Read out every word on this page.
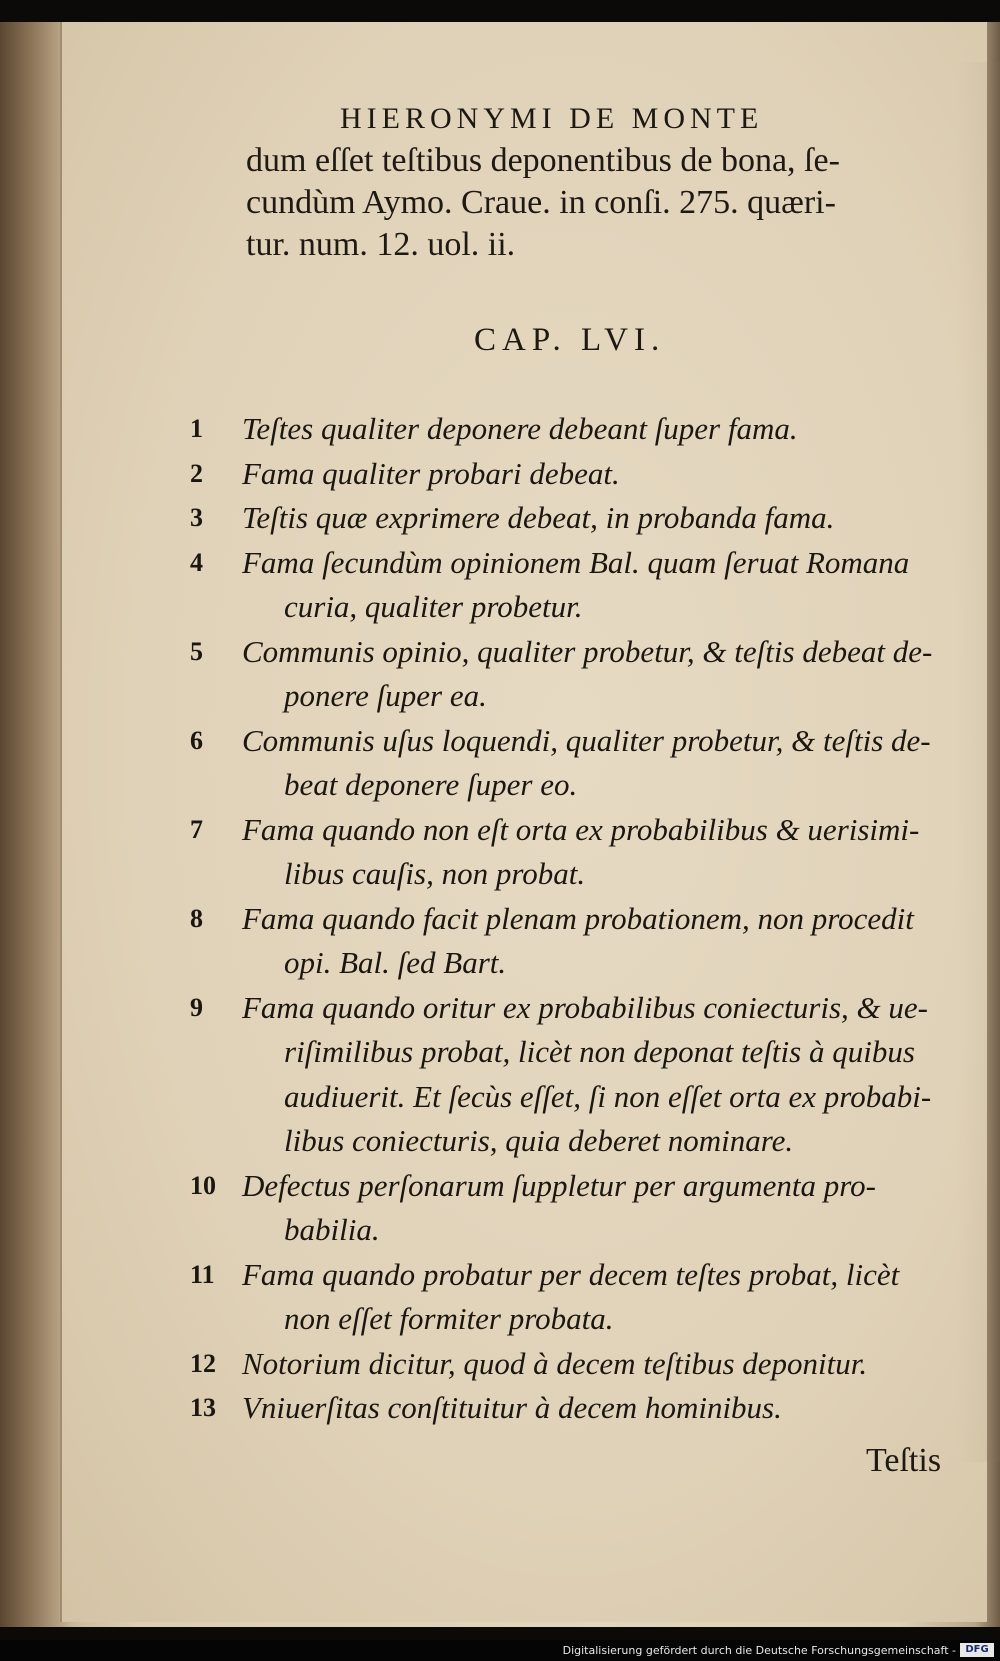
HIERONYMI DE MONTE

dum eſſet teſtibus deponentibus de bona, ſe-

cundùm Aymo. Craue. in conſi. 275. quæri-

tur. num. 12. uol. ii.

CAP. LVI.
1	Teſtes qualiter deponere debeant ſuper fama.
2	Fama qualiter probari debeat.
3	Teſtis quæ exprimere debeat, in probanda fama.
4	Fama ſecundùm opinionem Bal. quam ſeruat Romana
curia, qualiter probetur.
5	Communis opinio, qualiter probetur, & teſtis debeat de-
ponere ſuper ea.
6	Communis uſus loquendi, qualiter probetur, & teſtis de-
beat deponere ſuper eo.
7	Fama quando non eſt orta ex probabilibus & uerisimi-
libus cauſis, non probat.
8	Fama quando facit plenam probationem, non procedit
opi. Bal. ſed Bart.
9	Fama quando oritur ex probabilibus coniecturis, & ue-
riſimilibus probat, licèt non deponat teſtis à quibus
audiuerit. Et ſecùs eſſet, ſi non eſſet orta ex probabi-
libus coniecturis, quia deberet nominare.
10 Defectus perſonarum ſuppletur per argumenta pro-
babilia.
11 Fama quando probatur per decem teſtes probat, licèt
non eſſet formiter probata.
12 Notorium dicitur, quod à decem teſtibus deponitur.
13 Vniuerſitas conſtituitur à decem hominibus.
Teſtis
Digitalisierung gefördert durch die Deutsche Forschungsgemeinschaft - DFG
